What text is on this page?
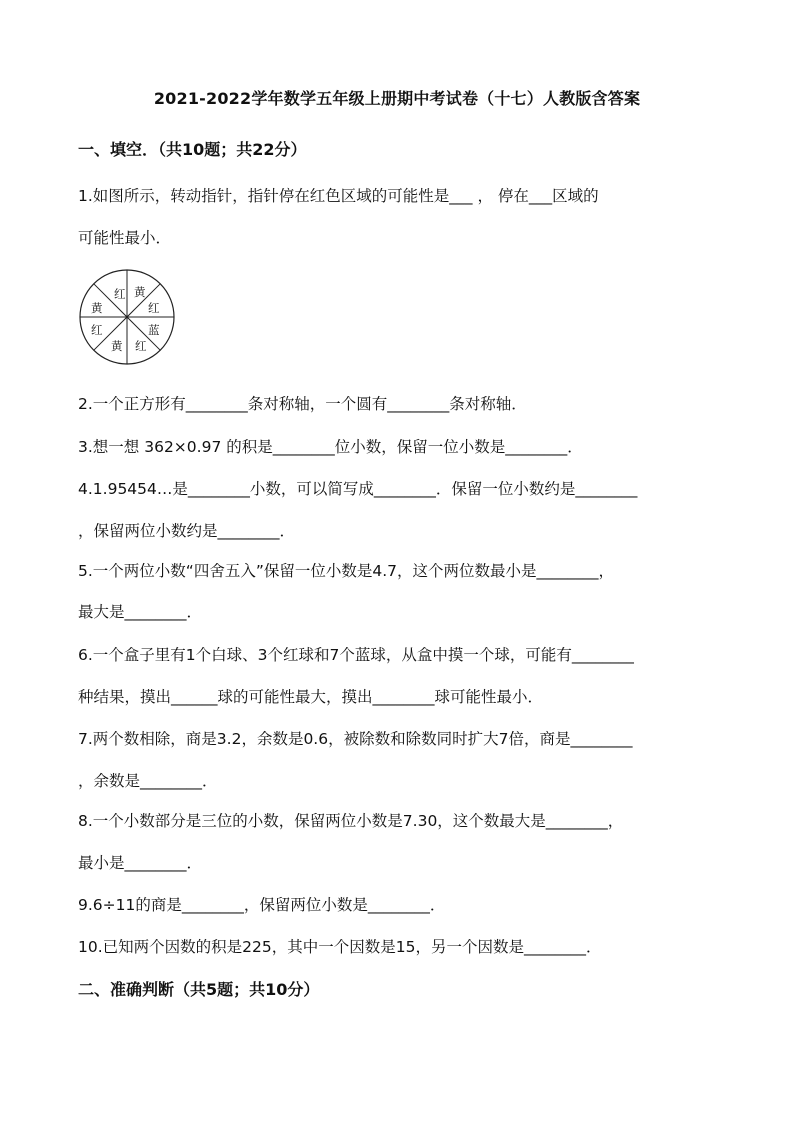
2021-2022学年数学五年级上册期中考试卷（十七）人教版含答案
一、填空．（共10题；共22分）
1.如图所示，转动指针，指针停在红色区域的可能性是___ ， 停在___区域的
可能性最小．
红 黄
红
蓝
红
黄
红
黄
2.一个正方形有________条对称轴，一个圆有________条对称轴．
3.想一想 362×0.97 的积是________位小数，保留一位小数是________．
4.1.95454…是________小数，可以简写成________．保留一位小数约是________
，保留两位小数约是________．
5.一个两位小数“四舍五入”保留一位小数是4.7，这个两位数最小是________，
最大是________．
6.一个盒子里有1个白球、3个红球和7个蓝球，从盒中摸一个球，可能有________
种结果，摸出______球的可能性最大，摸出________球可能性最小．
7.两个数相除，商是3.2，余数是0.6，被除数和除数同时扩大7倍，商是________
，余数是________．
8.一个小数部分是三位的小数，保留两位小数是7.30，这个数最大是________，
最小是________．
9.6÷11的商是________，保留两位小数是________．
10.已知两个因数的积是225，其中一个因数是15，另一个因数是________．
二、准确判断（共5题；共10分）
